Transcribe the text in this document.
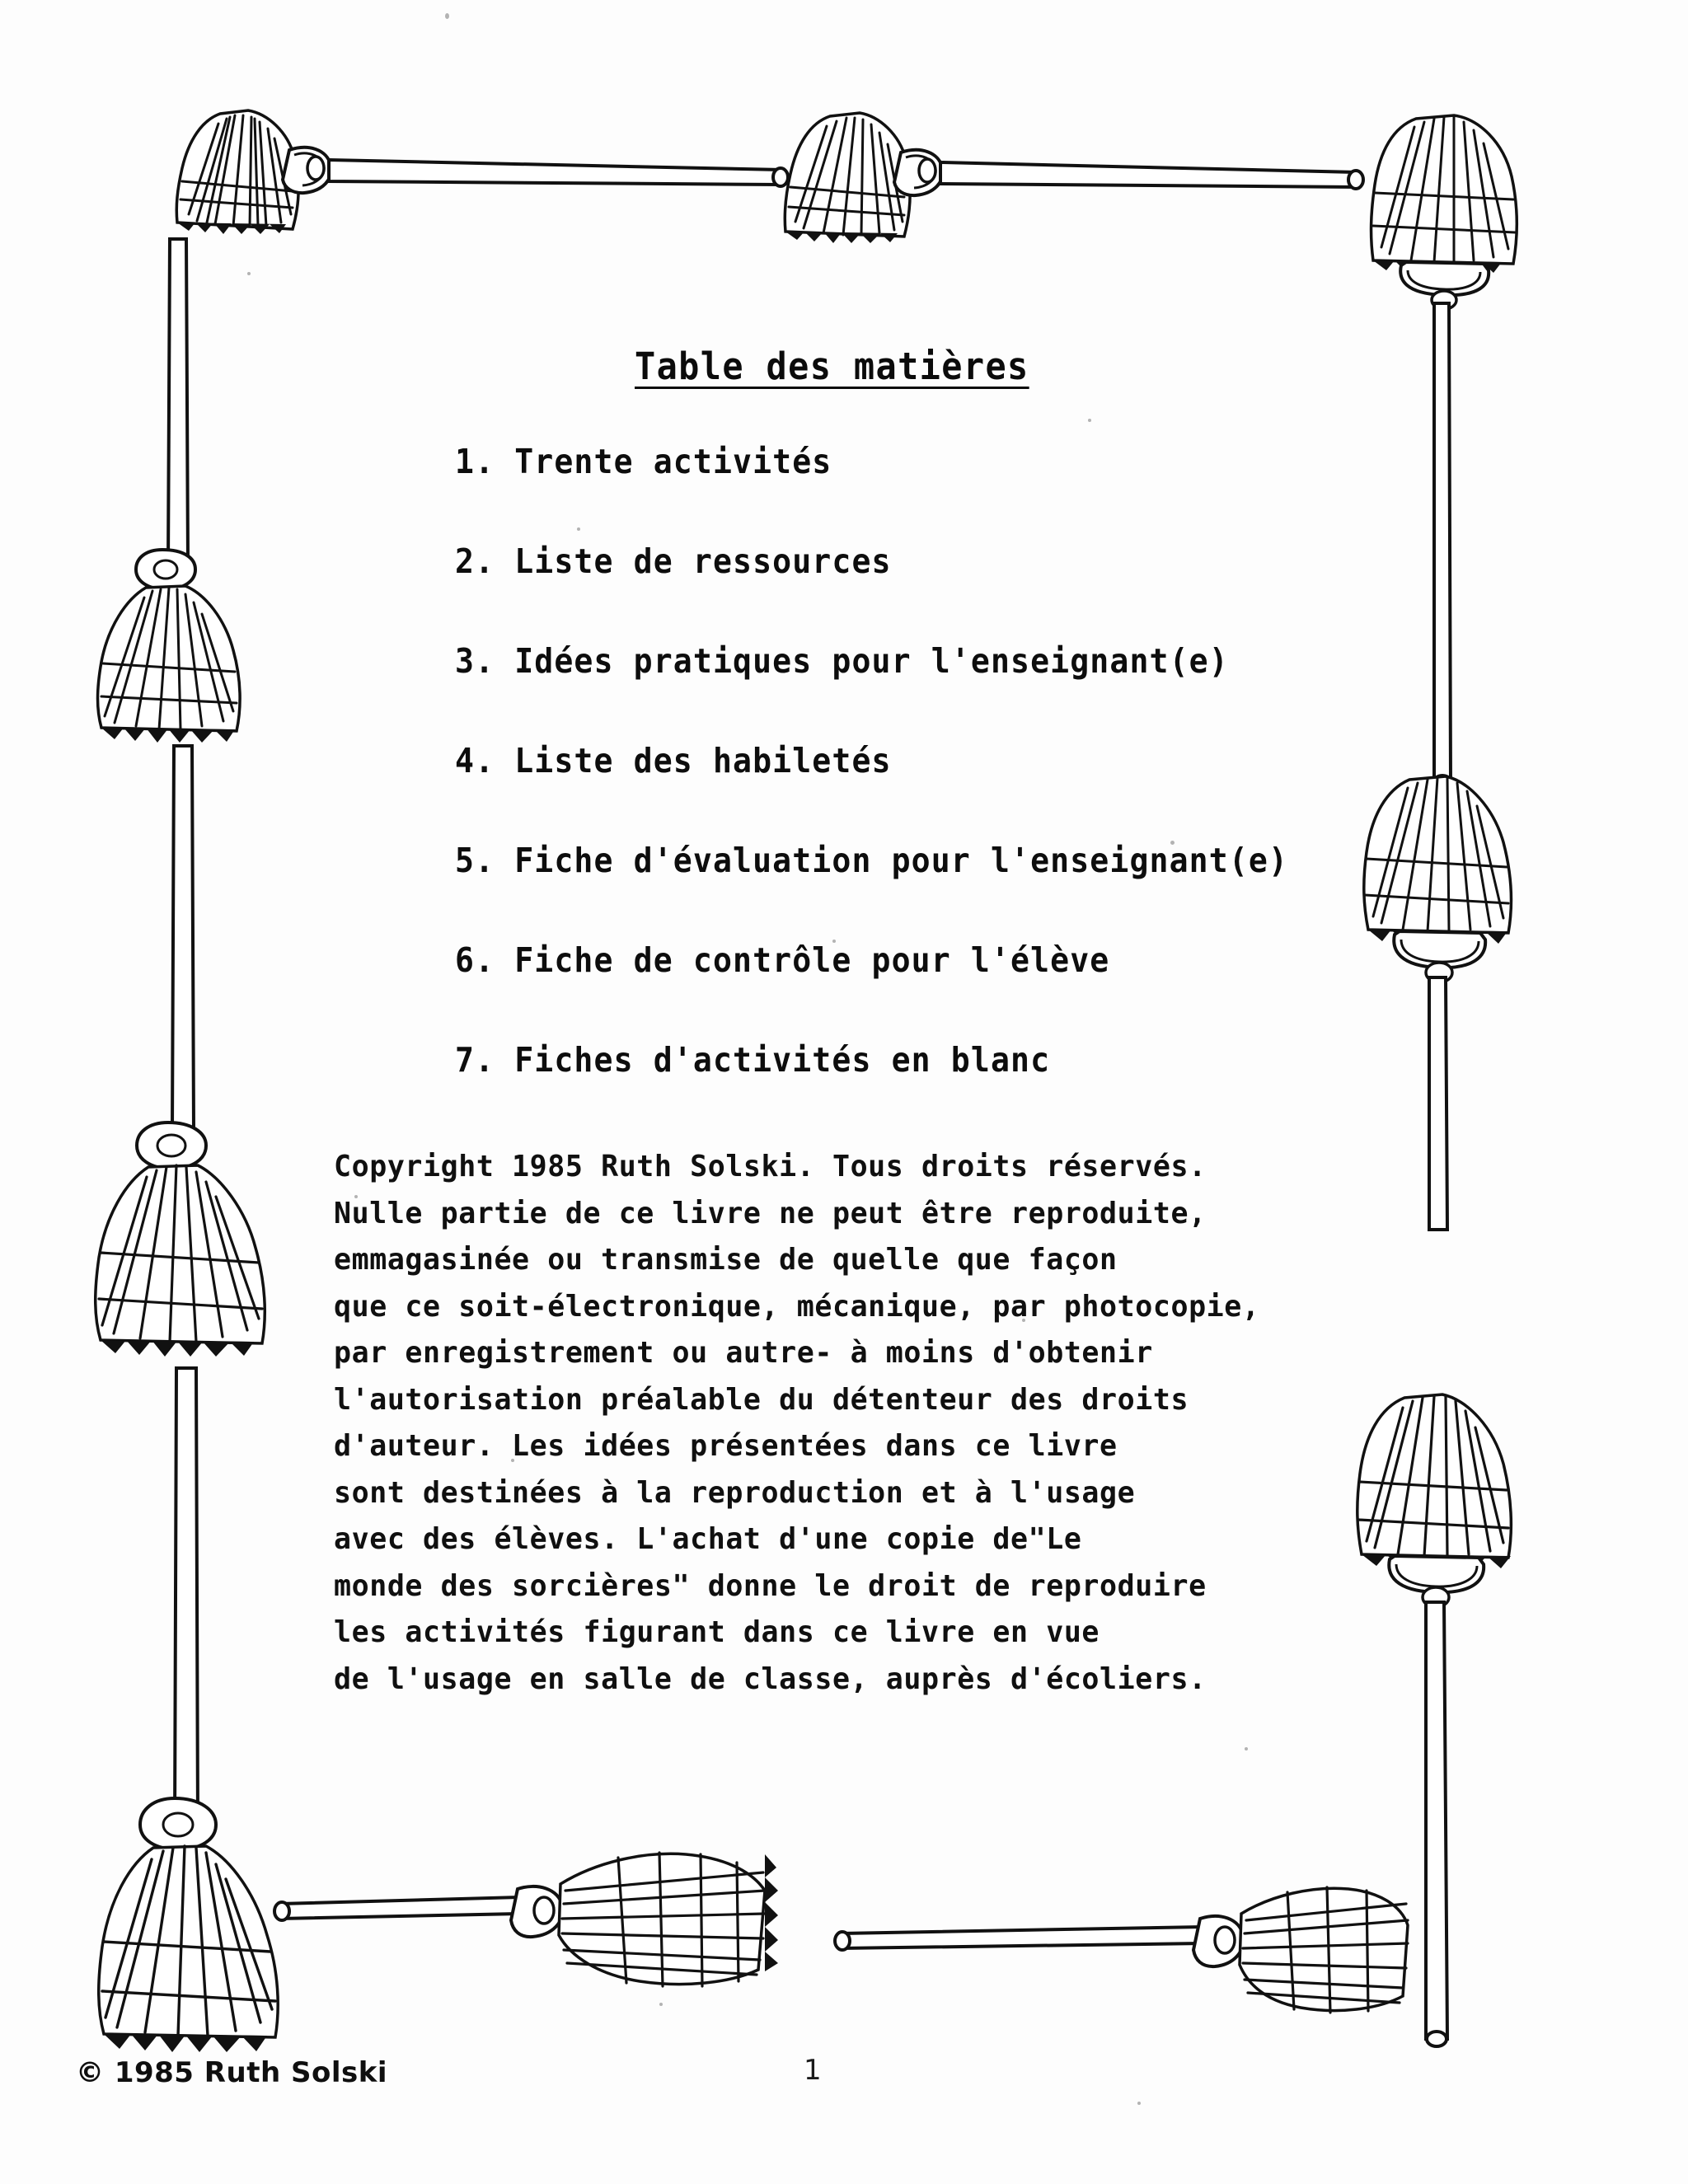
Table des matières
1. Trente activités
2. Liste de ressources
3. Idées pratiques pour l'enseignant(e)
4. Liste des habiletés
5. Fiche d'évaluation pour l'enseignant(e)
6. Fiche de contrôle pour l'élève
7. Fiches d'activités en blanc

Copyright 1985 Ruth Solski. Tous droits réservés.

Nulle partie de ce livre ne peut être reproduite,

emmagasinée ou transmise de quelle que façon

que ce soit-électronique, mécanique, par photocopie,

par enregistrement ou autre- à moins d'obtenir

l'autorisation préalable du détenteur des droits

d'auteur. Les idées présentées dans ce livre

sont destinées à la reproduction et à l'usage

avec des élèves. L'achat d'une copie de"Le

monde des sorcières" donne le droit de reproduire

les activités figurant dans ce livre en vue

de l'usage en salle de classe, auprès d'écoliers.

© 1985 Ruth Solski	1
